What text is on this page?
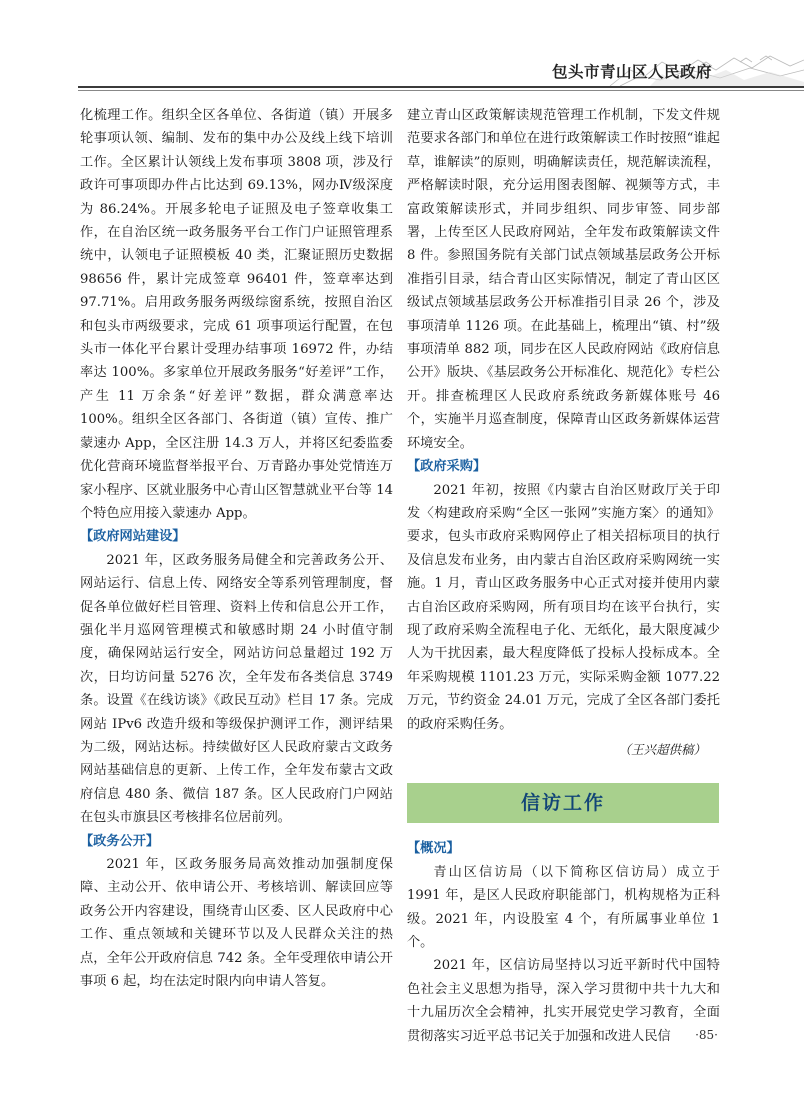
包头市青山区人民政府

化梳理工作。组织全区各单位、各街道（镇）开展多轮事项认领、编制、发布的集中办公及线上线下培训工作。全区累计认领线上发布事项 3808 项，涉及行政许可事项即办件占比达到 69.13%，网办Ⅳ级深度为 86.24%。开展多轮电子证照及电子签章收集工作，在自治区统一政务服务平台工作门户证照管理系统中，认领电子证照模板 40 类，汇聚证照历史数据 98656 件，累计完成签章 96401 件，签章率达到 97.71%。启用政务服务两级综窗系统，按照自治区和包头市两级要求，完成 61 项事项运行配置，在包头市一体化平台累计受理办结事项 16972 件，办结率达 100%。多家单位开展政务服务“好差评”工作，产生 11 万余条“好差评”数据，群众满意率达 100%。组织全区各部门、各街道（镇）宣传、推广蒙速办 App，全区注册 14.3 万人，并将区纪委监委优化营商环境监督举报平台、万青路办事处党情连万家小程序、区就业服务中心青山区智慧就业平台等 14 个特色应用接入蒙速办 App。

【政府网站建设】

2021 年，区政务服务局健全和完善政务公开、网站运行、信息上传、网络安全等系列管理制度，督促各单位做好栏目管理、资料上传和信息公开工作，强化半月巡网管理模式和敏感时期 24 小时值守制度，确保网站运行安全，网站访问总量超过 192 万次，日均访问量 5276 次，全年发布各类信息 3749 条。设置《在线访谈》《政民互动》栏目 17 条。完成网站 IPv6 改造升级和等级保护测评工作，测评结果为二级，网站达标。持续做好区人民政府蒙古文政务网站基础信息的更新、上传工作，全年发布蒙古文政府信息 480 条、微信 187 条。区人民政府门户网站在包头市旗县区考核排名位居前列。

【政务公开】

2021 年，区政务服务局高效推动加强制度保障、主动公开、依申请公开、考核培训、解读回应等政务公开内容建设，围绕青山区委、区人民政府中心工作、重点领域和关键环节以及人民群众关注的热点，全年公开政府信息 742 条。全年受理依申请公开事项 6 起，均在法定时限内向申请人答复。

建立青山区政策解读规范管理工作机制，下发文件规范要求各部门和单位在进行政策解读工作时按照“谁起草，谁解读”的原则，明确解读责任，规范解读流程，严格解读时限，充分运用图表图解、视频等方式，丰富政策解读形式，并同步组织、同步审签、同步部署，上传至区人民政府网站，全年发布政策解读文件 8 件。参照国务院有关部门试点领域基层政务公开标准指引目录，结合青山区实际情况，制定了青山区区级试点领域基层政务公开标准指引目录 26 个，涉及事项清单 1126 项。在此基础上，梳理出“镇、村”级事项清单 882 项，同步在区人民政府网站《政府信息公开》版块、《基层政务公开标准化、规范化》专栏公开。排查梳理区人民政府系统政务新媒体账号 46 个，实施半月巡查制度，保障青山区政务新媒体运营环境安全。

【政府采购】

2021 年初，按照《内蒙古自治区财政厅关于印发〈构建政府采购“全区一张网”实施方案〉的通知》要求，包头市政府采购网停止了相关招标项目的执行及信息发布业务，由内蒙古自治区政府采购网统一实施。1 月，青山区政务服务中心正式对接并使用内蒙古自治区政府采购网，所有项目均在该平台执行，实现了政府采购全流程电子化、无纸化，最大限度减少人为干扰因素，最大程度降低了投标人投标成本。全年采购规模 1101.23 万元，实际采购金额 1077.22 万元，节约资金 24.01 万元，完成了全区各部门委托的政府采购任务。

（王兴超供稿）
信访工作
【概况】

青山区信访局（以下简称区信访局）成立于 1991 年，是区人民政府职能部门，机构规格为正科级。2021 年，内设股室 4 个，有所属事业单位 1 个。

2021 年，区信访局坚持以习近平新时代中国特色社会主义思想为指导，深入学习贯彻中共十九大和十九届历次全会精神，扎实开展党史学习教育，全面贯彻落实习近平总书记关于加强和改进人民信	·85·
